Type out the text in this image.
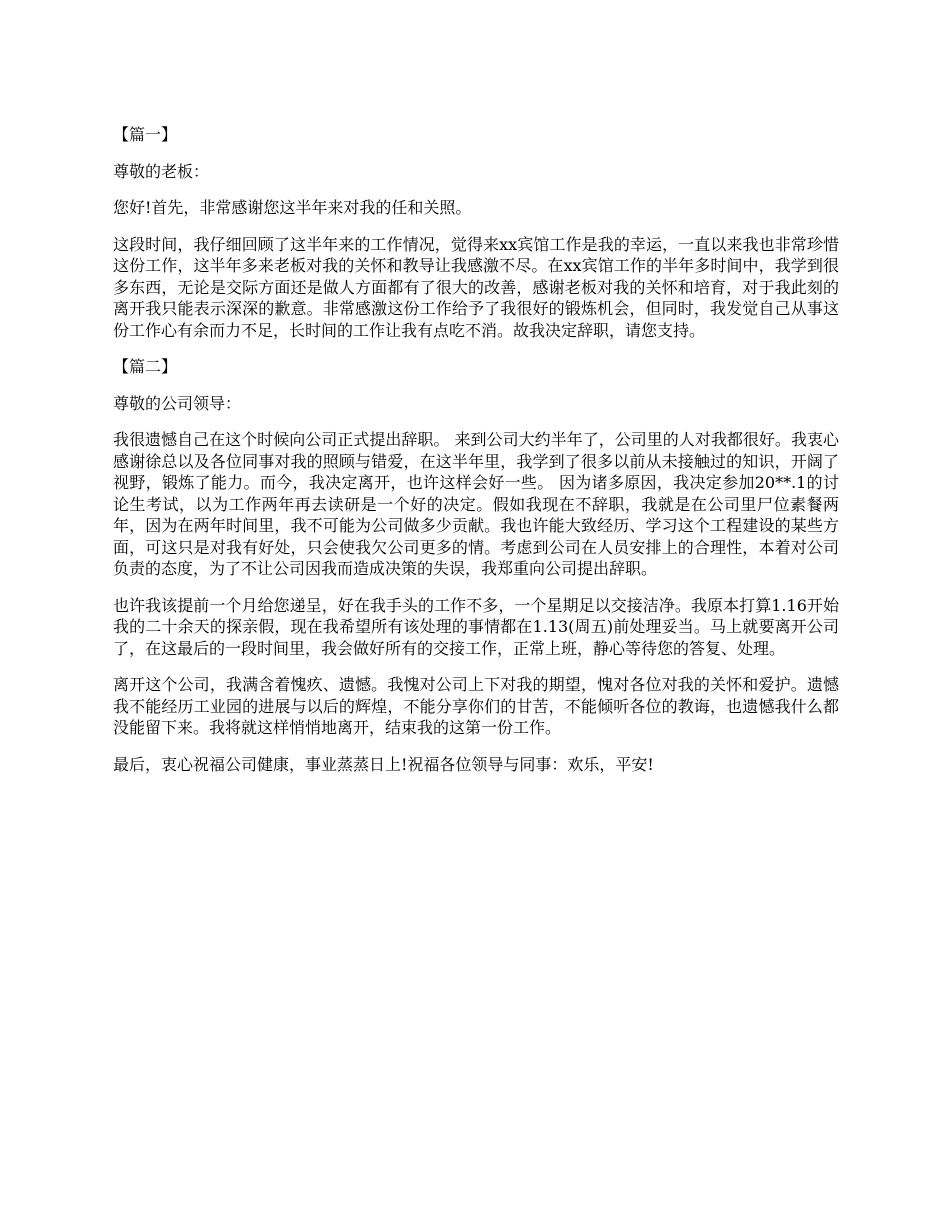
【篇一】

尊敬的老板：

您好!首先，非常感谢您这半年来对我的任和关照。

这段时间，我仔细回顾了这半年来的工作情况，觉得来xx宾馆工作是我的幸运，一直以来我也非常珍惜这份工作，这半年多来老板对我的关怀和教导让我感激不尽。在xx宾馆工作的半年多时间中，我学到很多东西，无论是交际方面还是做人方面都有了很大的改善，感谢老板对我的关怀和培育，对于我此刻的离开我只能表示深深的歉意。非常感激这份工作给予了我很好的锻炼机会，但同时，我发觉自己从事这份工作心有余而力不足，长时间的工作让我有点吃不消。故我决定辞职，请您支持。

【篇二】

尊敬的公司领导：

我很遗憾自己在这个时候向公司正式提出辞职。 来到公司大约半年了，公司里的人对我都很好。我衷心感谢徐总以及各位同事对我的照顾与错爱，在这半年里，我学到了很多以前从未接触过的知识，开阔了视野，锻炼了能力。而今，我决定离开，也许这样会好一些。 因为诸多原因，我决定参加20**.1的讨论生考试，以为工作两年再去读研是一个好的决定。假如我现在不辞职，我就是在公司里尸位素餐两年，因为在两年时间里，我不可能为公司做多少贡献。我也许能大致经历、学习这个工程建设的某些方面，可这只是对我有好处，只会使我欠公司更多的情。考虑到公司在人员安排上的合理性，本着对公司负责的态度，为了不让公司因我而造成决策的失误，我郑重向公司提出辞职。

也许我该提前一个月给您递呈，好在我手头的工作不多，一个星期足以交接洁净。我原本打算1.16开始我的二十余天的探亲假，现在我希望所有该处理的事情都在1.13(周五)前处理妥当。马上就要离开公司了，在这最后的一段时间里，我会做好所有的交接工作，正常上班，静心等待您的答复、处理。

离开这个公司，我满含着愧疚、遗憾。我愧对公司上下对我的期望，愧对各位对我的关怀和爱护。遗憾我不能经历工业园的进展与以后的辉煌，不能分享你们的甘苦，不能倾听各位的教诲，也遗憾我什么都没能留下来。我将就这样悄悄地离开，结束我的这第一份工作。

最后，衷心祝福公司健康，事业蒸蒸日上!祝福各位领导与同事：欢乐，平安!
